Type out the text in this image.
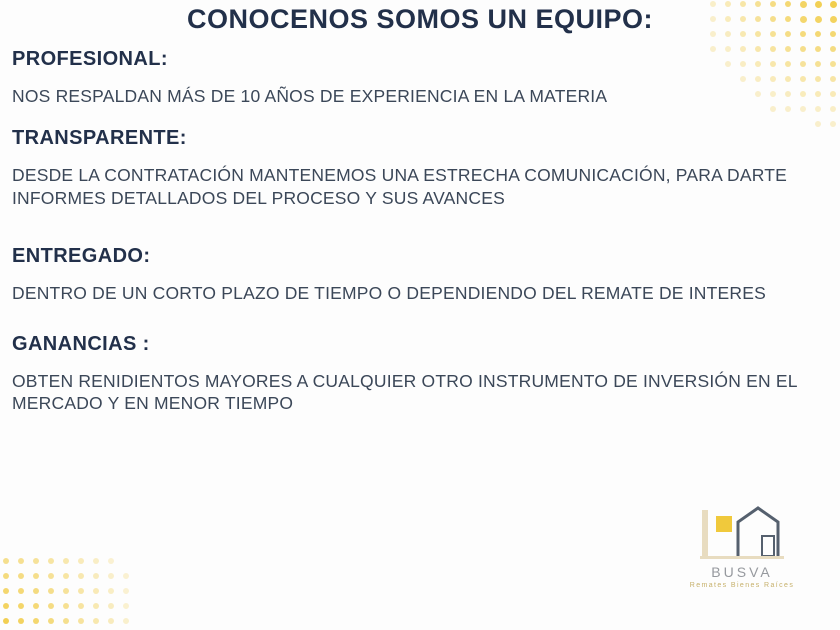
CONOCENOS SOMOS UN EQUIPO:
PROFESIONAL:
NOS RESPALDAN MÁS DE 10 AÑOS DE EXPERIENCIA EN LA MATERIA
TRANSPARENTE:
DESDE LA CONTRATACIÓN MANTENEMOS UNA ESTRECHA COMUNICACIÓN, PARA DARTE INFORMES DETALLADOS DEL PROCESO Y SUS AVANCES
ENTREGADO:
DENTRO DE UN CORTO PLAZO DE TIEMPO O DEPENDIENDO DEL REMATE DE INTERES
GANANCIAS :
OBTEN RENIDIENTOS MAYORES A CUALQUIER OTRO INSTRUMENTO DE INVERSIÓN EN EL MERCADO Y EN MENOR TIEMPO
BUSVA
Remates Bienes Raíces
